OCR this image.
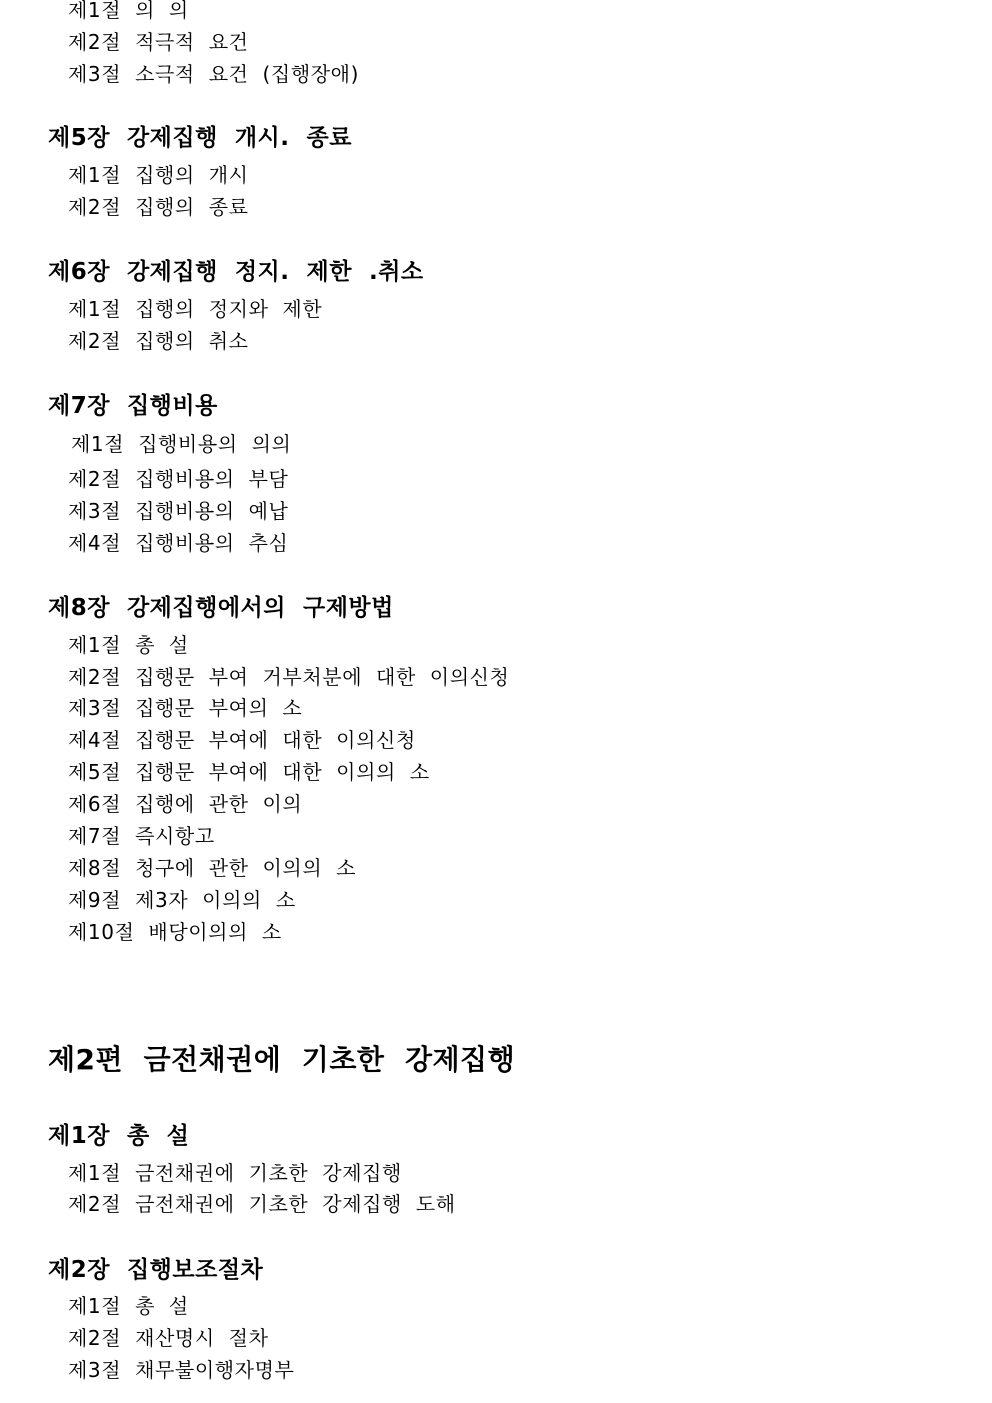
제1절  의  의
제2절  적극적  요건
제3절  소극적  요건  (집행장애)
제5장  강제집행  개시.  종료
제1절  집행의  개시
제2절  집행의  종료
제6장  강제집행  정지.  제한  .취소
제1절  집행의  정지와  제한
제2절  집행의  취소
제7장  집행비용
제1절  집행비용의  의의
제2절  집행비용의  부담
제3절  집행비용의  예납
제4절  집행비용의  추심
제8장  강제집행에서의  구제방법
제1절  총  설
제2절  집행문  부여  거부처분에  대한  이의신청
제3절  집행문  부여의  소
제4절  집행문  부여에  대한  이의신청
제5절  집행문  부여에  대한  이의의  소
제6절  집행에  관한  이의
제7절  즉시항고
제8절  청구에  관한  이의의  소
제9절  제3자  이의의  소
제10절  배당이의의  소
제2편  금전채권에  기초한  강제집행
제1장  총  설
제1절  금전채권에  기초한  강제집행
제2절  금전채권에  기초한  강제집행  도해
제2장  집행보조절차
제1절  총  설
제2절  재산명시  절차
제3절  채무불이행자명부
